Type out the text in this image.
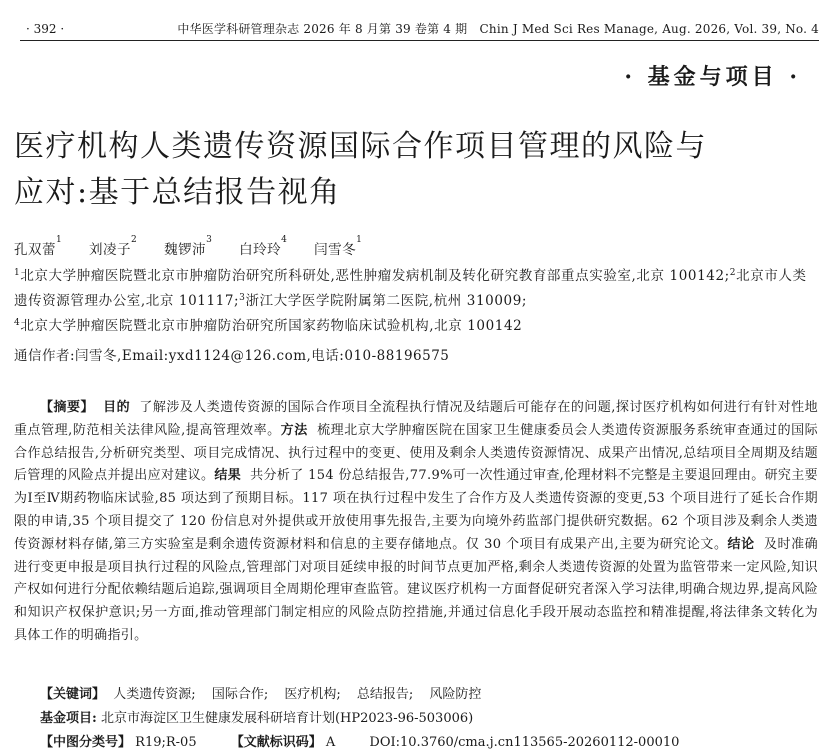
· 392 ·	中华医学科研管理杂志 2026 年 8 月第 39 卷第 4 期　Chin J Med Sci Res Manage, Aug. 2026, Vol. 39, No. 4
· 基金与项目 ·
医疗机构人类遗传资源国际合作项目管理的风险与
应对:基于总结报告视角
孔双蕾$^1$ 刘凌子$^2$ 魏锣沛$^3$ 白玲玲$^4$ 闫雪冬$^1$
$^1$北京大学肿瘤医院暨北京市肿瘤防治研究所科研处,恶性肿瘤发病机制及转化研究教育部重点实验室,北京 100142;$^2$北京市人类遗传资源管理办公室,北京 101117;$^3$浙江大学医学院附属第二医院,杭州 310009;
$^4$北京大学肿瘤医院暨北京市肿瘤防治研究所国家药物临床试验机构,北京 100142
通信作者:闫雪冬,Email:yxd1124@126.com,电话:010-88196575
【摘要】 目的 了解涉及人类遗传资源的国际合作项目全流程执行情况及结题后可能存在的问题,探讨医疗机构如何进行有针对性地重点管理,防范相关法律风险,提高管理效率。方法 梳理北京大学肿瘤医院在国家卫生健康委员会人类遗传资源服务系统审查通过的国际合作总结报告,分析研究类型、项目完成情况、执行过程中的变更、使用及剩余人类遗传资源情况、成果产出情况,总结项目全周期及结题后管理的风险点并提出应对建议。结果 共分析了 154 份总结报告,77.9%可一次性通过审查,伦理材料不完整是主要退回理由。研究主要为Ⅰ至Ⅳ期药物临床试验,85 项达到了预期目标。117 项在执行过程中发生了合作方及人类遗传资源的变更,53 个项目进行了延长合作期限的申请,35 个项目提交了 120 份信息对外提供或开放使用事先报告,主要为向境外药监部门提供研究数据。62 个项目涉及剩余人类遗传资源材料存储,第三方实验室是剩余遗传资源材料和信息的主要存储地点。仅 30 个项目有成果产出,主要为研究论文。结论 及时准确进行变更申报是项目执行过程的风险点,管理部门对项目延续申报的时间节点更加严格,剩余人类遗传资源的处置为监管带来一定风险,知识产权如何进行分配依赖结题后追踪,强调项目全周期伦理审查监管。建议医疗机构一方面督促研究者深入学习法律,明确合规边界,提高风险和知识产权保护意识;另一方面,推动管理部门制定相应的风险点防控措施,并通过信息化手段开展动态监控和精准提醒,将法律条文转化为具体工作的明确指引。
【关键词】 人类遗传资源; 国际合作; 医疗机构; 总结报告; 风险防控
基金项目: 北京市海淀区卫生健康发展科研培育计划(HP2023-96-503006)
【中图分类号】 R19;R-05	【文献标识码】 A	DOI:10.3760/cma.j.cn113565-20260112-00010
